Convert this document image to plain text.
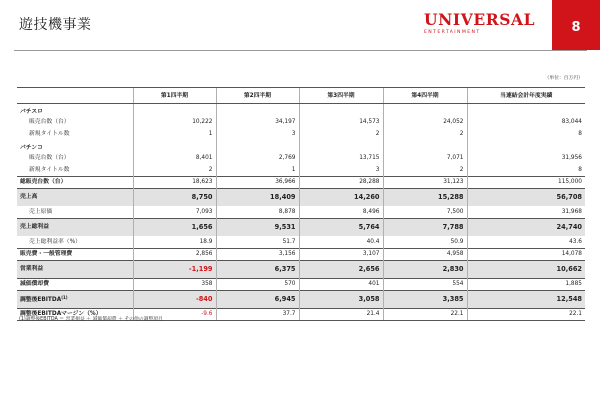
遊技機事業	UNIVERSAL
ENTERTAINMENT	8
（単位：百万円）
	第1四半期	第2四半期	第3四半期	第4四半期	当連結会計年度実績
パチスロ					
販売台数（台）	10,222	34,197	14,573	24,052	83,044
新規タイトル数	1	3	2	2	8
パチンコ					
販売台数（台）	8,401	2,769	13,715	7,071	31,956
新規タイトル数	2	1	3	2	8
総販売台数（台）	18,623	36,966	28,288	31,123	115,000
売上高	8,750	18,409	14,260	15,288	56,708
売上原価	7,093	8,878	8,496	7,500	31,968
売上総利益	1,656	9,531	5,764	7,788	24,740
売上総利益率（%）	18.9	51.7	40.4	50.9	43.6
販売費・一般管理費	2,856	3,156	3,107	4,958	14,078
営業利益	-1,199	6,375	2,656	2,830	10,662
減価償却費	358	570	401	554	1,885
調整後EBITDA$^{(1)}$	-840	6,945	3,058	3,385	12,548
調整後EBITDAマージン（%）	-9.6	37.7	21.4	22.1	22.1
(1)調整後EBITDA ＝ 営業損益 ＋ 減価償却費 ＋ その他の調整項目
